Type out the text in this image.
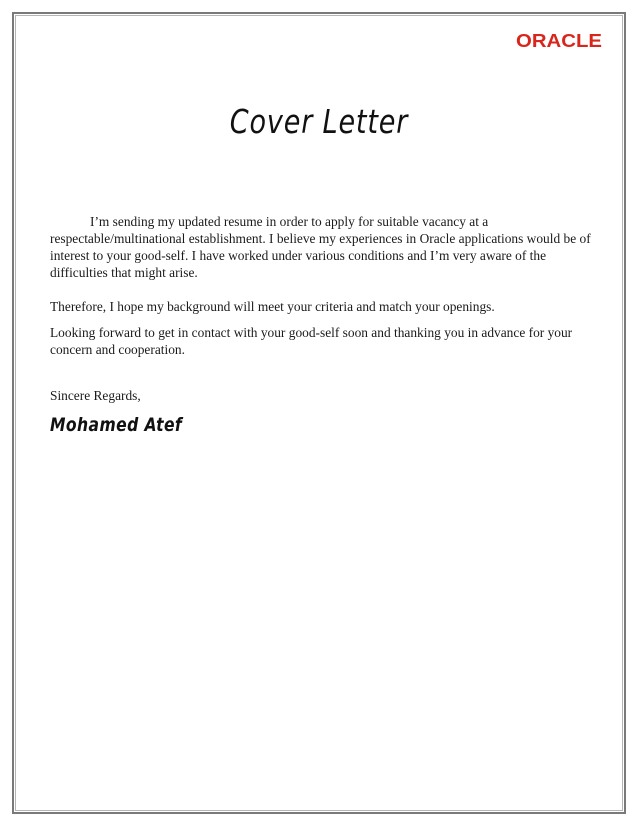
ORACLE
Cover Letter

I’m sending my updated resume in order to apply for suitable vacancy at a respectable/multinational establishment. I believe my experiences in Oracle applications would be of interest to your good-self. I have worked under various conditions and I’m very aware of the difficulties that might arise.

Therefore, I hope my background will meet your criteria and match your openings.

Looking forward to get in contact with your good-self soon and thanking you in advance for your concern and cooperation.

Sincere Regards,

Mohamed Atef
